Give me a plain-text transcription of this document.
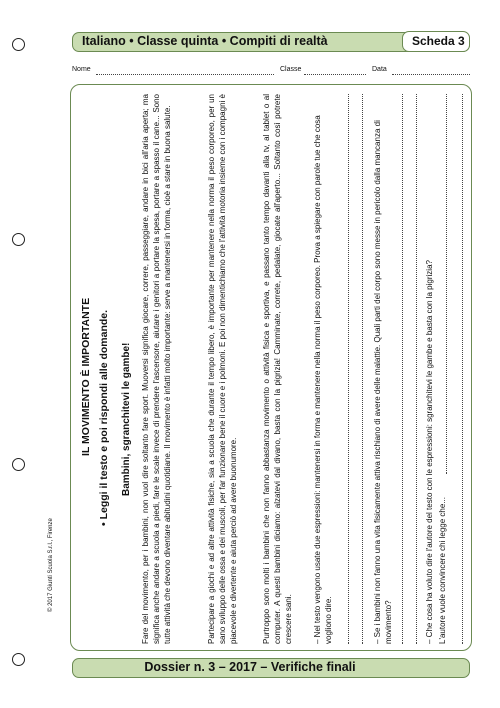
Italiano • Classe quinta • Compiti di realtà	Scheda 3
Nome	Classe	Data
IL MOVIMENTO È IMPORTANTE • Leggi il testo e poi rispondi alle domande. Bambini, sgranchitevi le gambe! Fare del movimento, per i bambini, non vuol dire soltanto fare sport. Muoversi significa giocare, correre, passeggiare, andare in bici all'aria aperta; ma significa anche andare a scuola a piedi, fare le scale invece di prendere l'ascensore, aiutare i genitori a portare la spesa, portare a spasso il cane... Sono tutte attività che devono diventare abitudini quotidiane. Il movimento è infatti molto importante: serve a mantenersi in forma, cioè a stare in buona salute.	Partecipare a giochi e ad altre attività fisiche, sia a scuola che durante il tempo libero, è importante per mantenere nella norma il peso corporeo, per un sano sviluppo delle ossa e dei muscoli, per far funzionare bene il cuore e i polmoni. E poi non dimentichiamo che l'attività motoria insieme con i compagni è piacevole e divertente e aiuta perciò ad avere buonumore.	Purtroppo sono molti i bambini che non fanno abbastanza movimento o attività fisica e sportiva, e passano tanto tempo davanti alla tv, al tablet o al computer. A questi bambini diciamo: alzatevi dal divano, basta con la pigrizia! Camminate, correte, pedalate, giocate all'aperto... Soltanto così potrete crescere sani.	– Nel testo vengono usate due espressioni: mantenersi in forma e mantenere nella norma il peso corporeo. Prova a spiegare con parole tue che cosa vogliono dire.	– Se i bambini non fanno una vita fisicamente attiva rischiano di avere delle malattie. Quali parti del corpo sono messe in pericolo dalla mancanza di movimento?	– Che cosa ha voluto dire l'autore del testo con le espressioni: sgranchitevi le gambe e basta con la pigrizia? L'autore vuole convincere chi legge che...

© 2017 Giunti Scuola S.r.l., Firenze
Dossier n. 3 – 2017 – Verifiche finali
